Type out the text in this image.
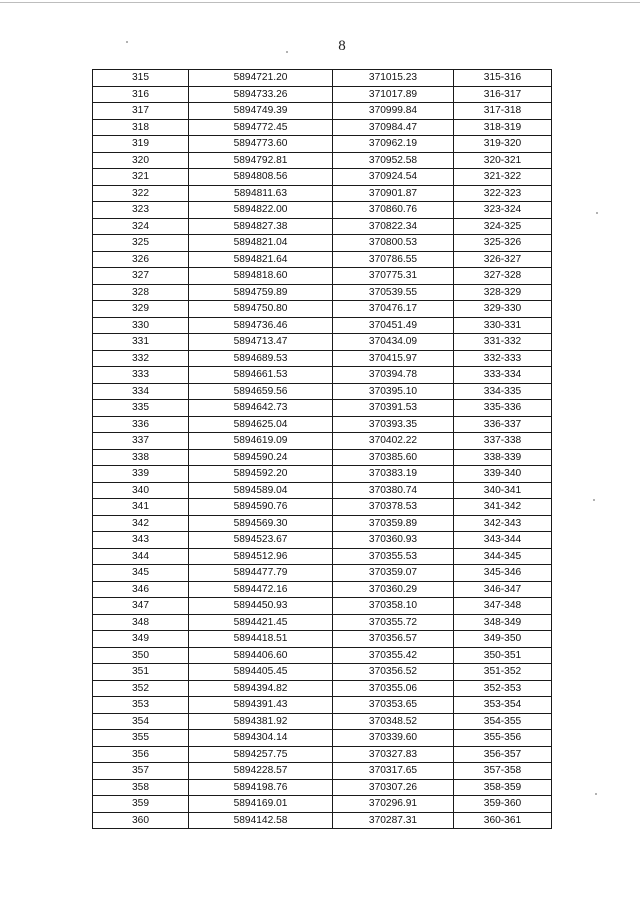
8
315	5894721.20	371015.23	315-316
316	5894733.26	371017.89	316-317
317	5894749.39	370999.84	317-318
318	5894772.45	370984.47	318-319
319	5894773.60	370962.19	319-320
320	5894792.81	370952.58	320-321
321	5894808.56	370924.54	321-322
322	5894811.63	370901.87	322-323
323	5894822.00	370860.76	323-324
324	5894827.38	370822.34	324-325
325	5894821.04	370800.53	325-326
326	5894821.64	370786.55	326-327
327	5894818.60	370775.31	327-328
328	5894759.89	370539.55	328-329
329	5894750.80	370476.17	329-330
330	5894736.46	370451.49	330-331
331	5894713.47	370434.09	331-332
332	5894689.53	370415.97	332-333
333	5894661.53	370394.78	333-334
334	5894659.56	370395.10	334-335
335	5894642.73	370391.53	335-336
336	5894625.04	370393.35	336-337
337	5894619.09	370402.22	337-338
338	5894590.24	370385.60	338-339
339	5894592.20	370383.19	339-340
340	5894589.04	370380.74	340-341
341	5894590.76	370378.53	341-342
342	5894569.30	370359.89	342-343
343	5894523.67	370360.93	343-344
344	5894512.96	370355.53	344-345
345	5894477.79	370359.07	345-346
346	5894472.16	370360.29	346-347
347	5894450.93	370358.10	347-348
348	5894421.45	370355.72	348-349
349	5894418.51	370356.57	349-350
350	5894406.60	370355.42	350-351
351	5894405.45	370356.52	351-352
352	5894394.82	370355.06	352-353
353	5894391.43	370353.65	353-354
354	5894381.92	370348.52	354-355
355	5894304.14	370339.60	355-356
356	5894257.75	370327.83	356-357
357	5894228.57	370317.65	357-358
358	5894198.76	370307.26	358-359
359	5894169.01	370296.91	359-360
360	5894142.58	370287.31	360-361
